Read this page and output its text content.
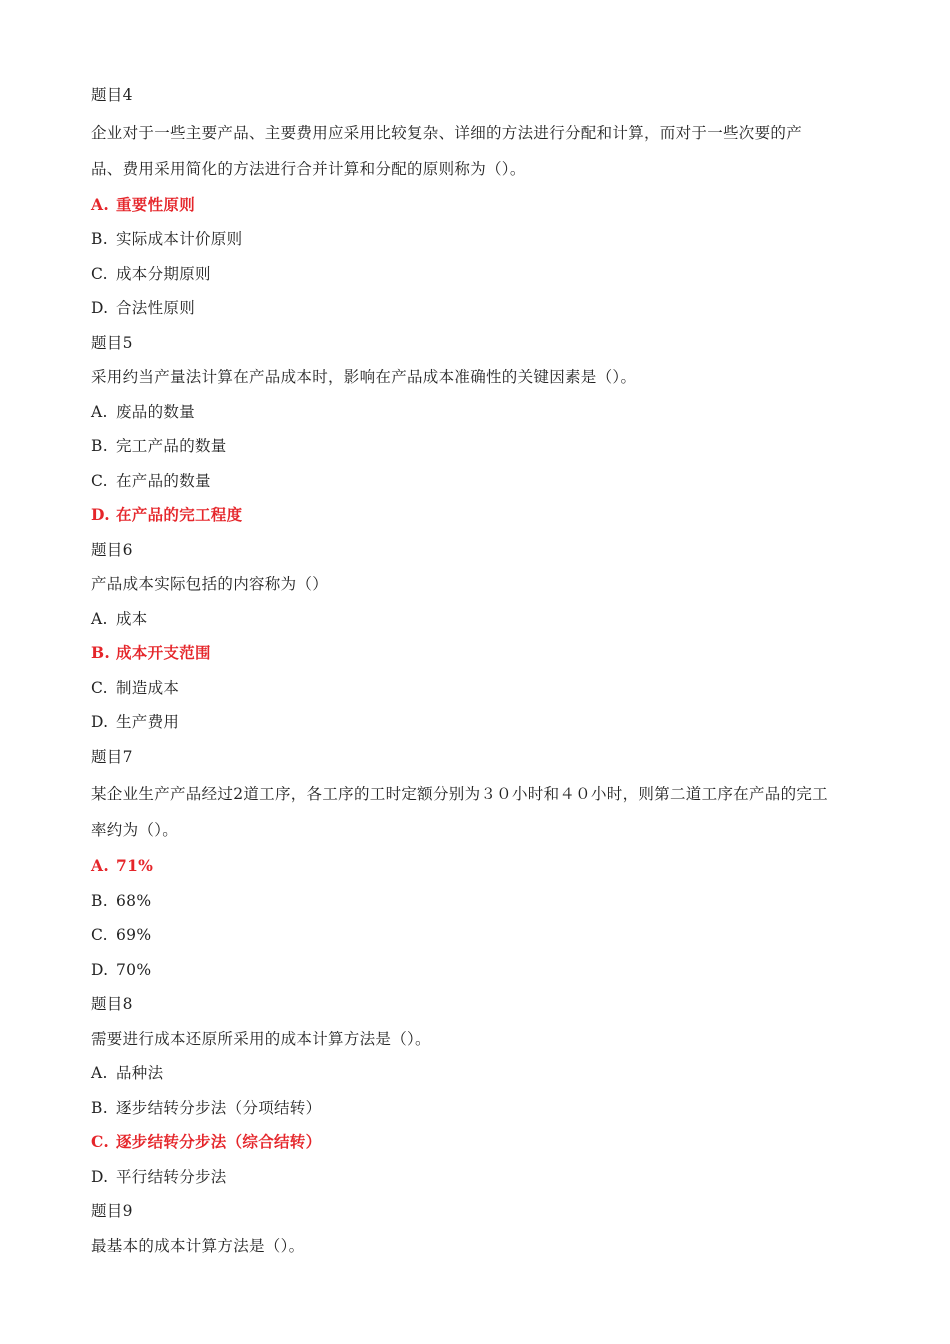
题目4
企业对于一些主要产品、主要费用应采用比较复杂、详细的方法进行分配和计算，而对于一些次要的产品、费用采用简化的方法进行合并计算和分配的原则称为（）。
A. 重要性原则
B. 实际成本计价原则
C. 成本分期原则
D. 合法性原则
题目5
采用约当产量法计算在产品成本时，影响在产品成本准确性的关键因素是（）。
A. 废品的数量
B. 完工产品的数量
C. 在产品的数量
D. 在产品的完工程度
题目6
产品成本实际包括的内容称为（）
A. 成本
B. 成本开支范围
C. 制造成本
D. 生产费用
题目7
某企业生产产品经过2道工序，各工序的工时定额分别为３０小时和４０小时，则第二道工序在产品的完工率约为（）。
A. 71%
B. 68%
C. 69%
D. 70%
题目8
需要进行成本还原所采用的成本计算方法是（）。
A. 品种法
B. 逐步结转分步法（分项结转）
C. 逐步结转分步法（综合结转）
D. 平行结转分步法
题目9
最基本的成本计算方法是（）。
